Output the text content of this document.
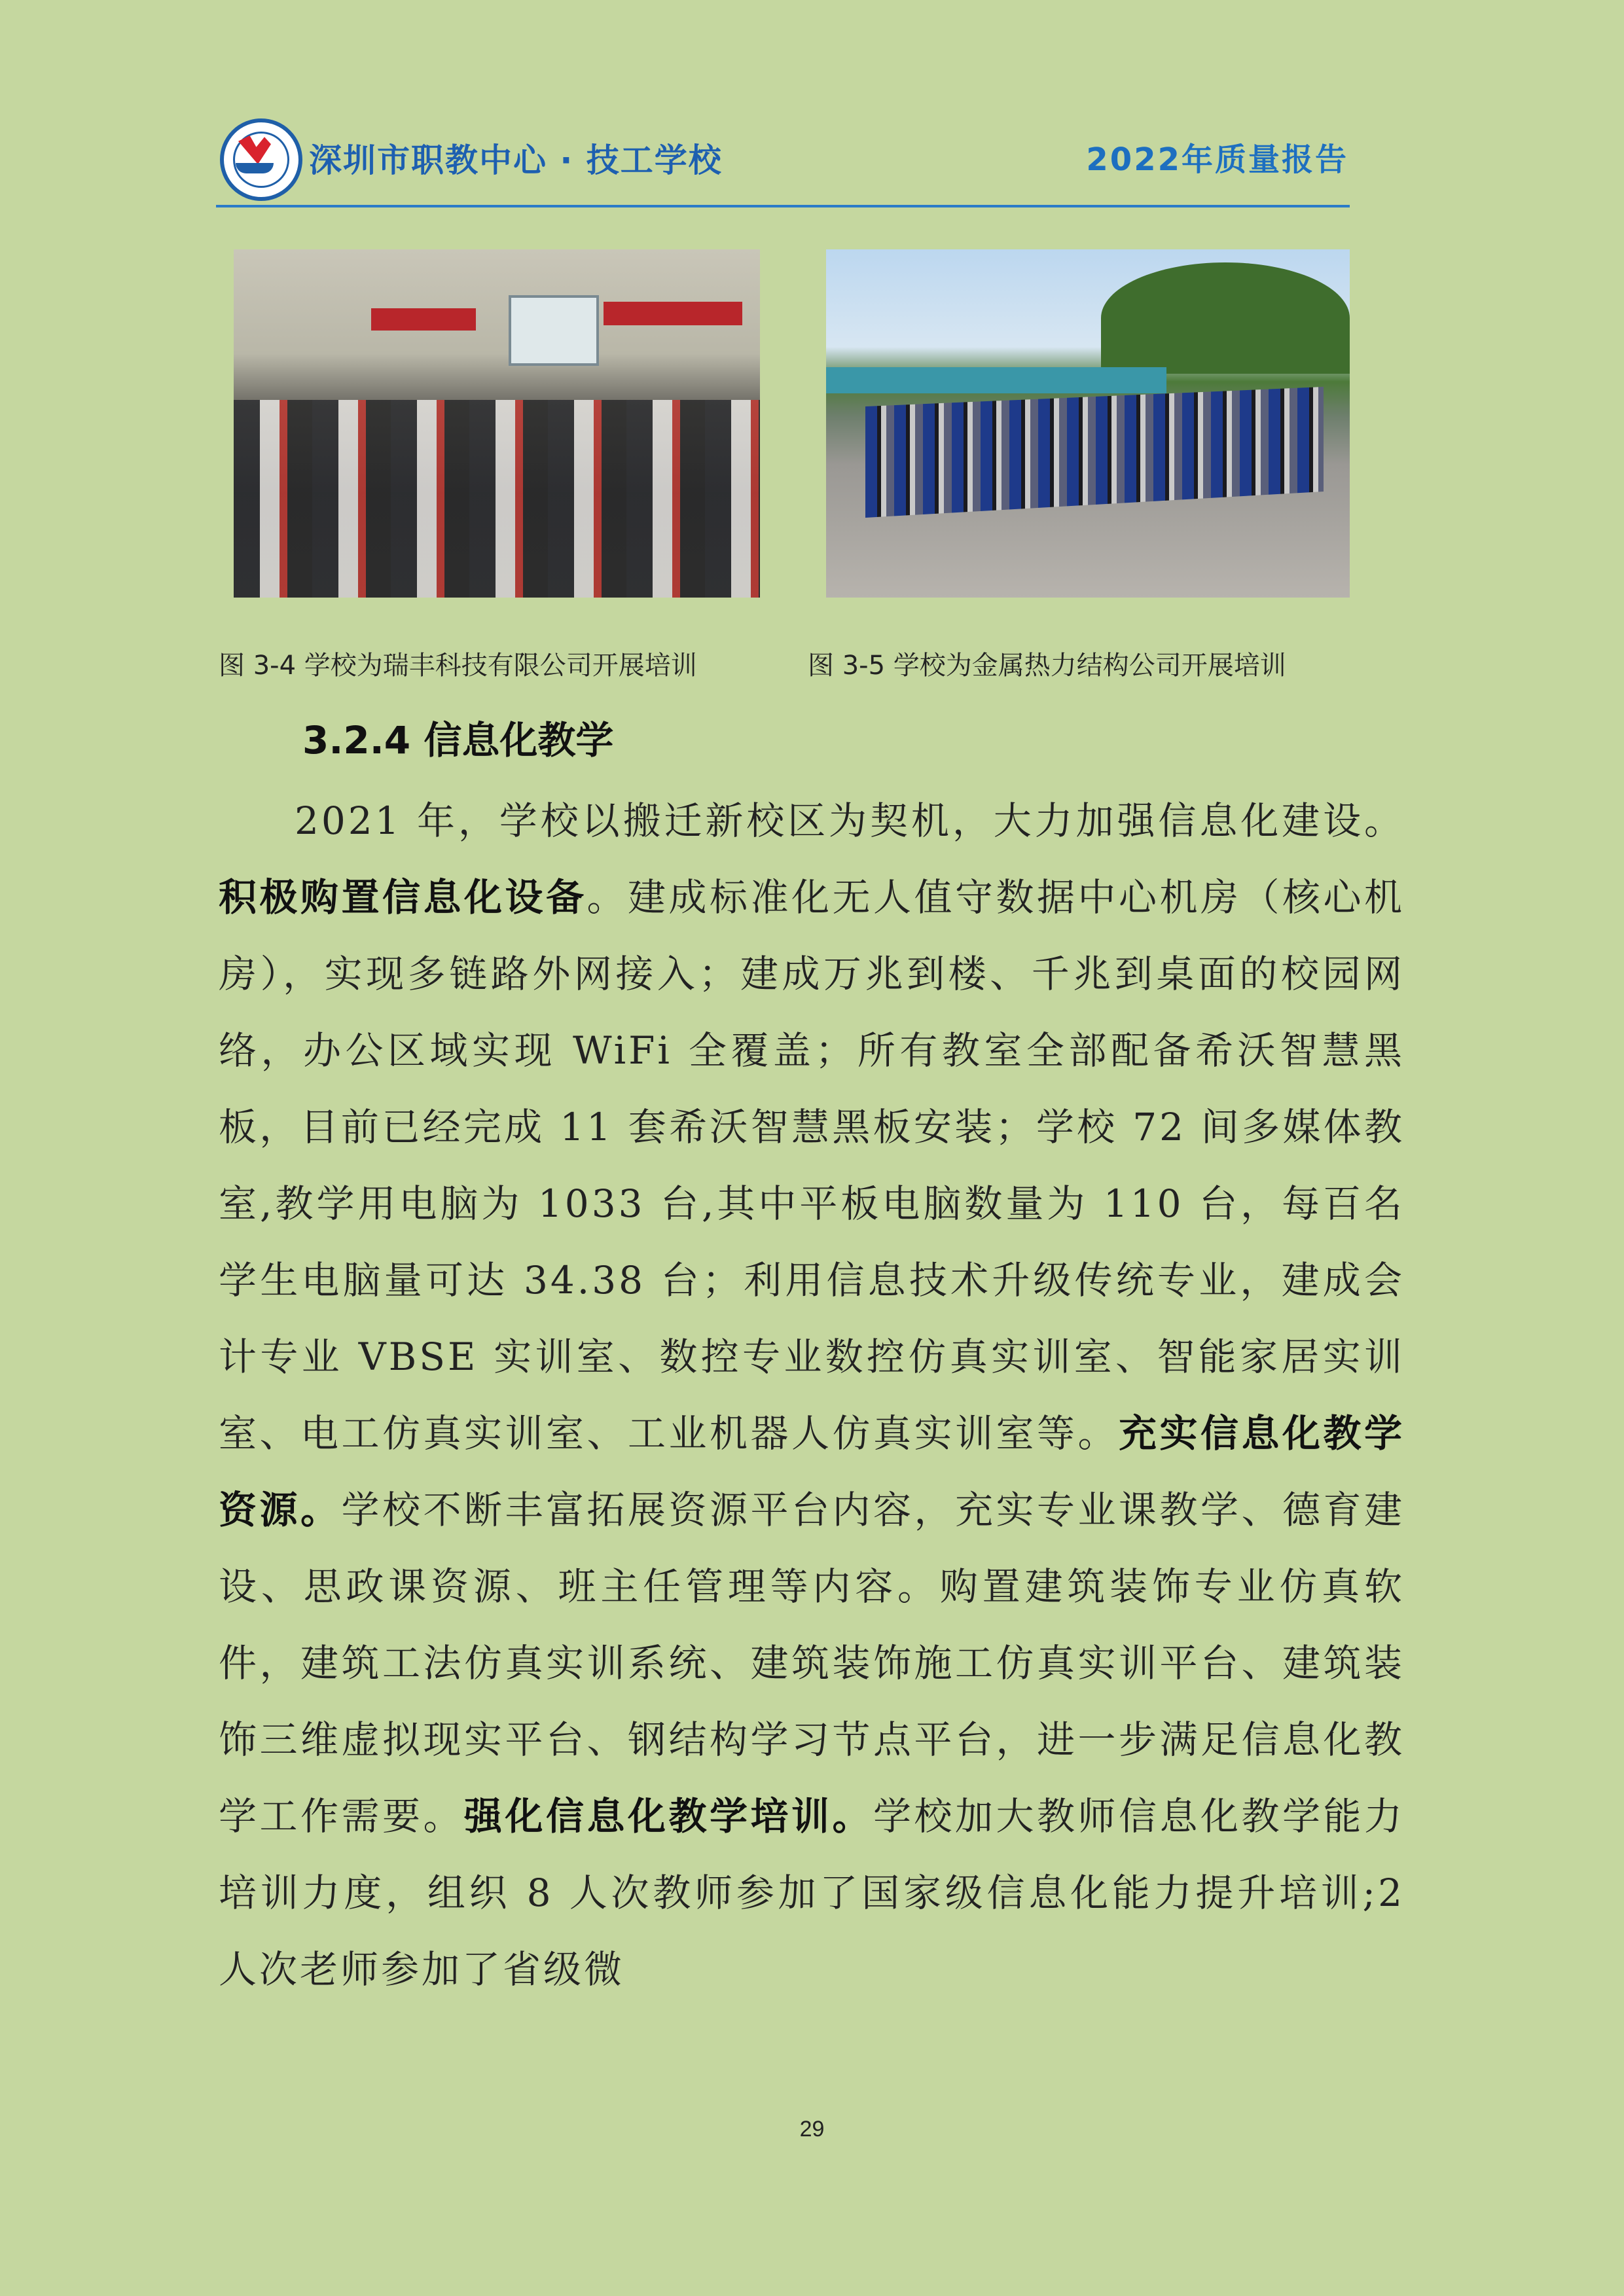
深圳市职教中心 · 技工学校	2022年质量报告
图 3-4 学校为瑞丰科技有限公司开展培训	图 3-5 学校为金属热力结构公司开展培训
3.2.4 信息化教学

2021 年，学校以搬迁新校区为契机，大力加强信息化建设。积极购置信息化设备。建成标准化无人值守数据中心机房（核心机房），实现多链路外网接入；建成万兆到楼、千兆到桌面的校园网络，办公区域实现 WiFi 全覆盖；所有教室全部配备希沃智慧黑板，目前已经完成 11 套希沃智慧黑板安装；学校 72 间多媒体教室,教学用电脑为 1033 台,其中平板电脑数量为 110 台，每百名学生电脑量可达 34.38 台；利用信息技术升级传统专业，建成会计专业 VBSE 实训室、数控专业数控仿真实训室、智能家居实训室、电工仿真实训室、工业机器人仿真实训室等。充实信息化教学资源。学校不断丰富拓展资源平台内容，充实专业课教学、德育建设、思政课资源、班主任管理等内容。购置建筑装饰专业仿真软件，建筑工法仿真实训系统、建筑装饰施工仿真实训平台、建筑装饰三维虚拟现实平台、钢结构学习节点平台，进一步满足信息化教学工作需要。强化信息化教学培训。学校加大教师信息化教学能力培训力度，组织 8 人次教师参加了国家级信息化能力提升培训;2 人次老师参加了省级微

29
